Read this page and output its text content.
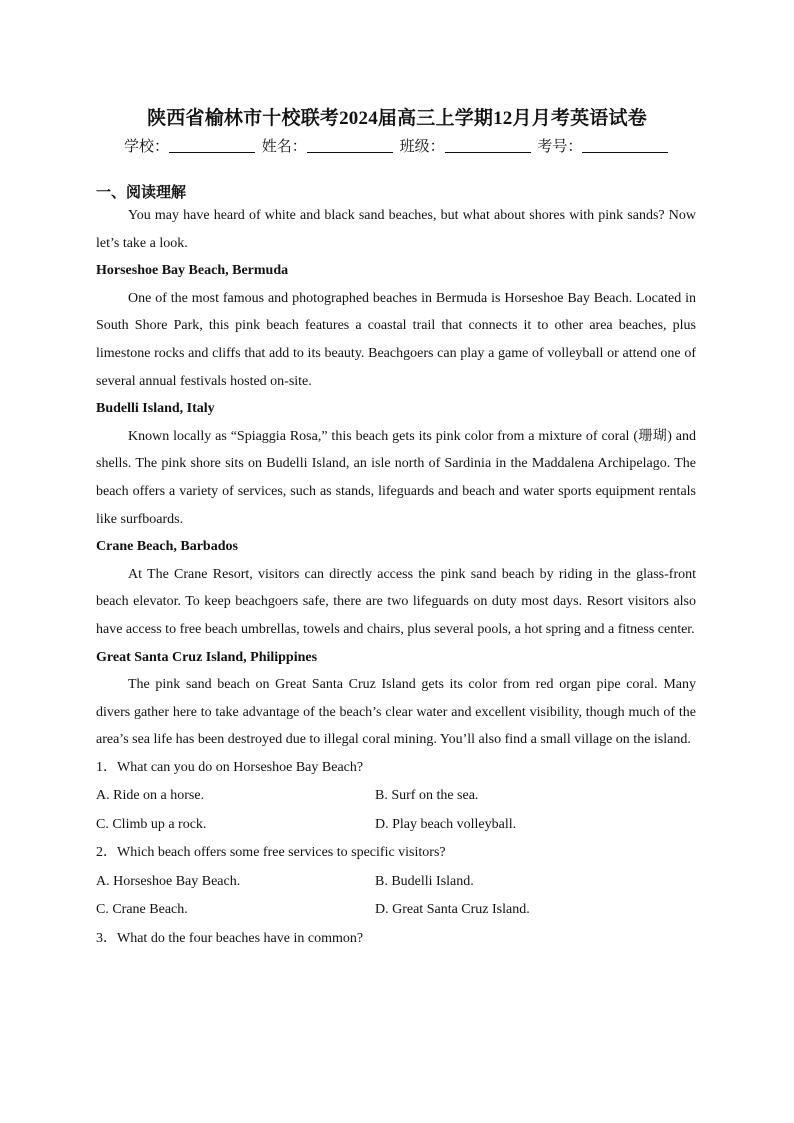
陕西省榆林市十校联考2024届高三上学期12月月考英语试卷
学校：	姓名：	班级：	考号：
一、阅读理解

You may have heard of white and black sand beaches, but what about shores with pink sands? Now let’s take a look.

Horseshoe Bay Beach, Bermuda

One of the most famous and photographed beaches in Bermuda is Horseshoe Bay Beach. Located in South Shore Park, this pink beach features a coastal trail that connects it to other area beaches, plus limestone rocks and cliffs that add to its beauty. Beachgoers can play a game of volleyball or attend one of several annual festivals hosted on-site.

Budelli Island, Italy

Known locally as “Spiaggia Rosa,” this beach gets its pink color from a mixture of coral (珊瑚) and shells. The pink shore sits on Budelli Island, an isle north of Sardinia in the Maddalena Archipelago. The beach offers a variety of services, such as stands, lifeguards and beach and water sports equipment rentals like surfboards.

Crane Beach, Barbados

At The Crane Resort, visitors can directly access the pink sand beach by riding in the glass-front beach elevator. To keep beachgoers safe, there are two lifeguards on duty most days. Resort visitors also have access to free beach umbrellas, towels and chairs, plus several pools, a hot spring and a fitness center.

Great Santa Cruz Island, Philippines

The pink sand beach on Great Santa Cruz Island gets its color from red organ pipe coral. Many divers gather here to take advantage of the beach’s clear water and excellent visibility, though much of the area’s sea life has been destroyed due to illegal coral mining. You’ll also find a small village on the island.

1．What can you do on Horseshoe Bay Beach?

A. Ride on a horse.	B. Surf on the sea.
C. Climb up a rock.	D. Play beach volleyball.

2．Which beach offers some free services to specific visitors?

A. Horseshoe Bay Beach.	B. Budelli Island.
C. Crane Beach.	D. Great Santa Cruz Island.

3．What do the four beaches have in common?
